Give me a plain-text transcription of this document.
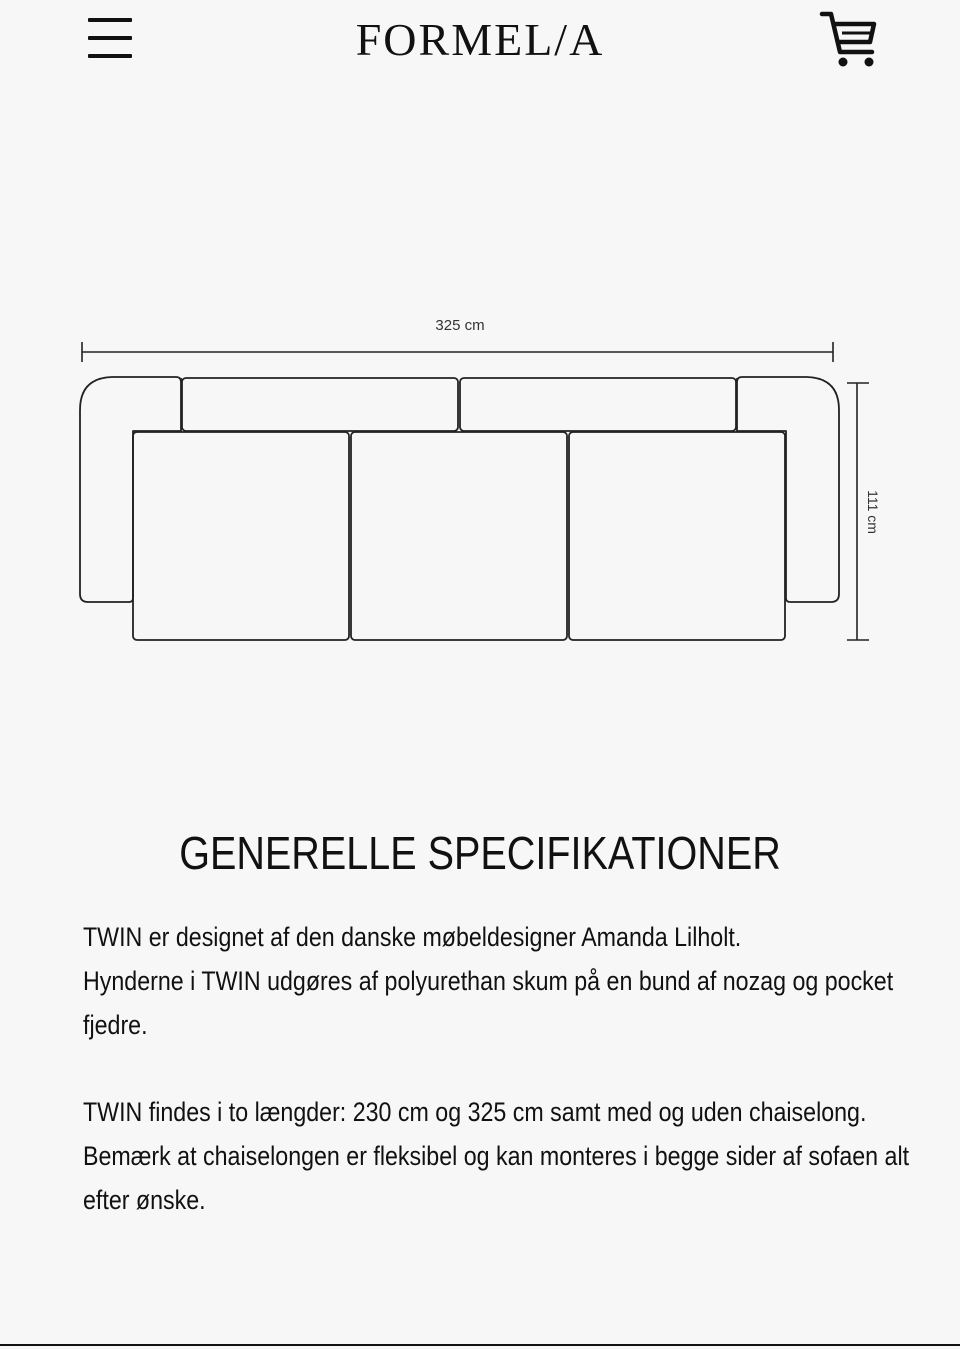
FORMEL/A
325 cm
111 cm
GENERELLE SPECIFIKATIONER

TWIN er designet af den danske møbeldesigner Amanda Lilholt.
Hynderne i TWIN udgøres af polyurethan skum på en bund af nozag og pocket
fjedre.

TWIN findes i to længder: 230 cm og 325 cm samt med og uden chaiselong.
Bemærk at chaiselongen er fleksibel og kan monteres i begge sider af sofaen alt
efter ønske.
